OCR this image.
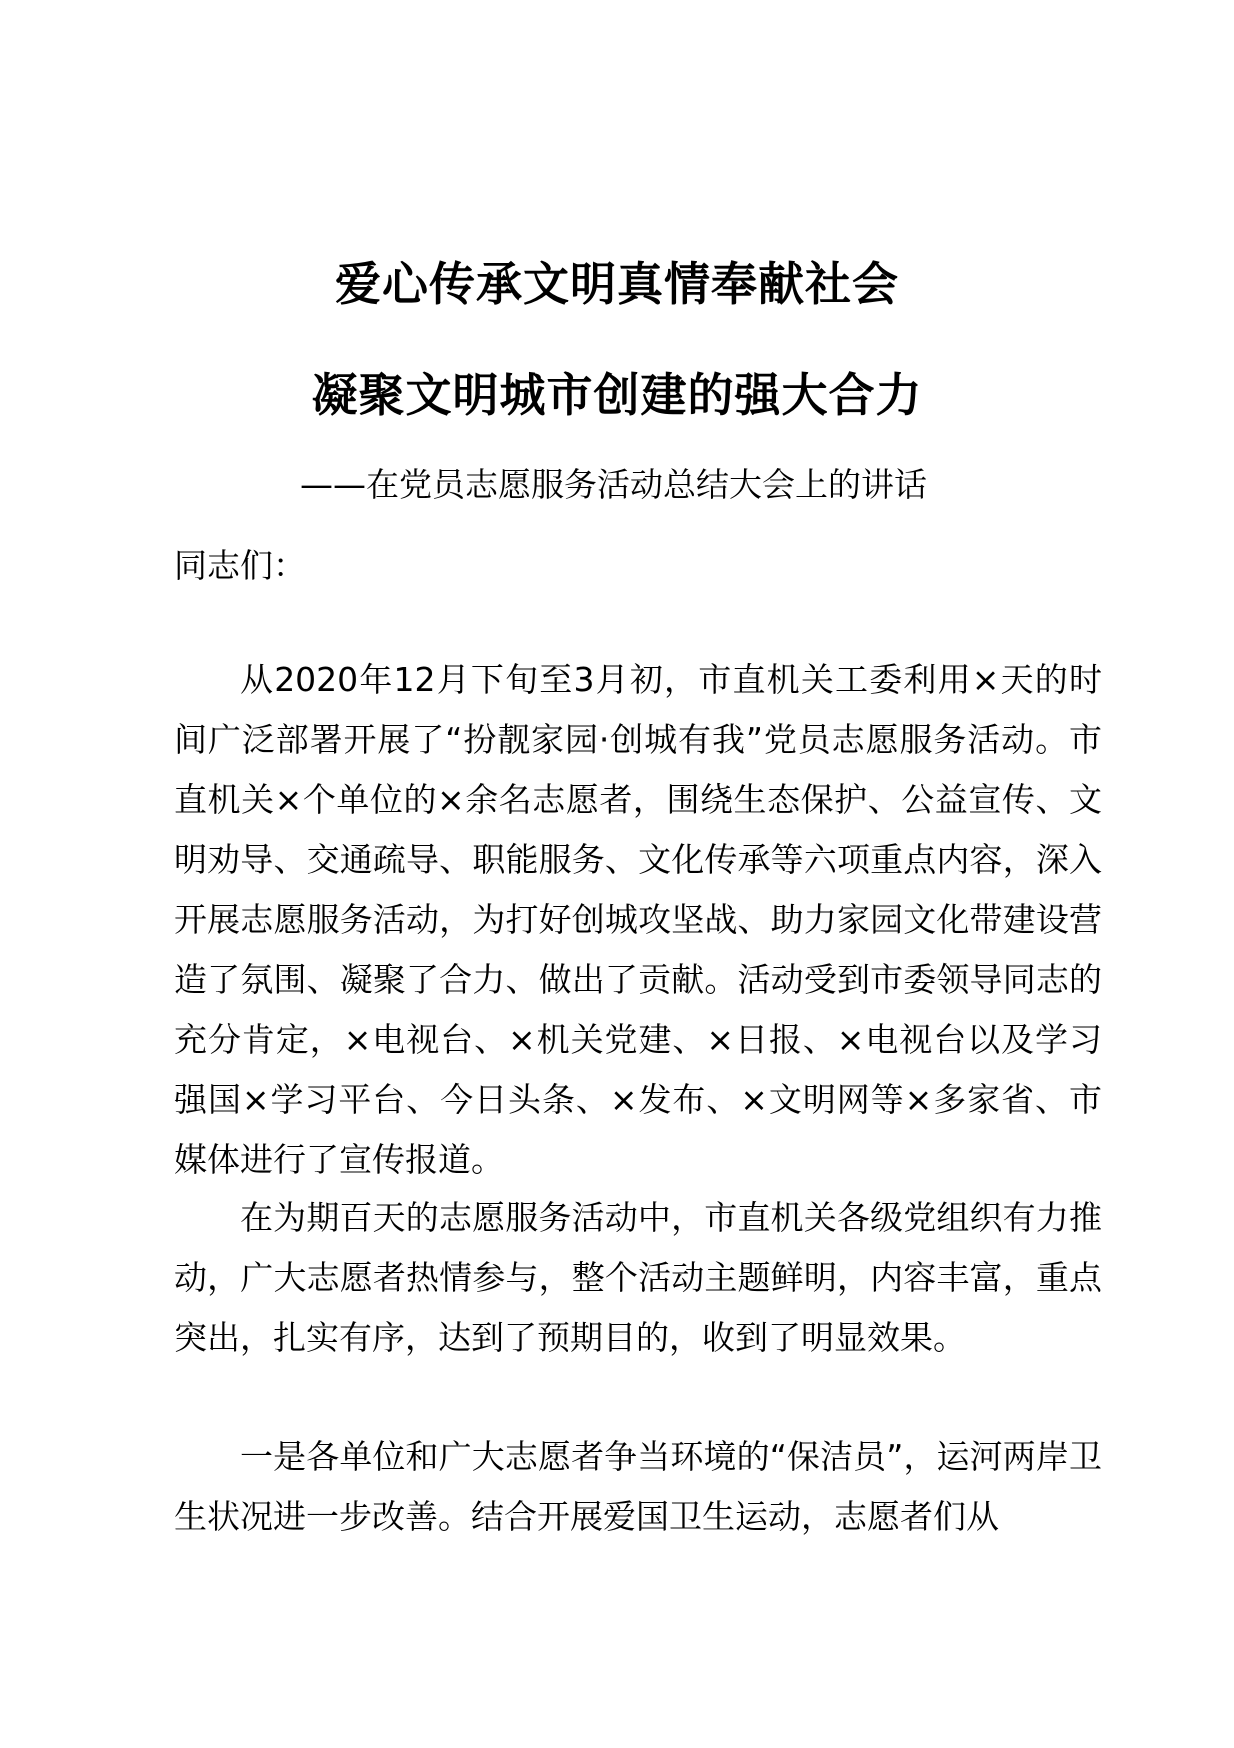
爱心传承文明真情奉献社会
凝聚文明城市创建的强大合力
——在党员志愿服务活动总结大会上的讲话
同志们：

从2020年12月下旬至3月初，市直机关工委利用×天的时间广泛部署开展了“扮靓家园·创城有我”党员志愿服务活动。市直机关×个单位的×余名志愿者，围绕生态保护、公益宣传、文明劝导、交通疏导、职能服务、文化传承等六项重点内容，深入开展志愿服务活动，为打好创城攻坚战、助力家园文化带建设营造了氛围、凝聚了合力、做出了贡献。活动受到市委领导同志的充分肯定，×电视台、×机关党建、×日报、×电视台以及学习强国×学习平台、今日头条、×发布、×文明网等×多家省、市媒体进行了宣传报道。

在为期百天的志愿服务活动中，市直机关各级党组织有力推动，广大志愿者热情参与，整个活动主题鲜明，内容丰富，重点突出，扎实有序，达到了预期目的，收到了明显效果。

一是各单位和广大志愿者争当环境的“保洁员”，运河两岸卫生状况进一步改善。结合开展爱国卫生运动，志愿者们从
